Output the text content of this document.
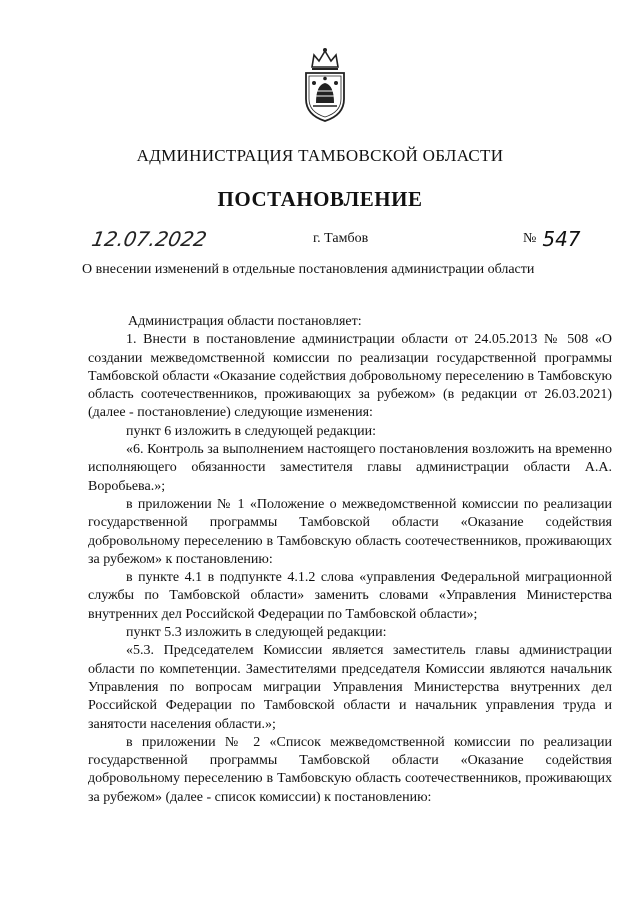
АДМИНИСТРАЦИЯ ТАМБОВСКОЙ ОБЛАСТИ
ПОСТАНОВЛЕНИЕ
12.07.2022	г. Тамбов	№ 547
О внесении изменений в отдельные постановления администрации области

Администрация области постановляет:

1. Внести в постановление администрации области от 24.05.2013 № 508 «О создании межведомственной комиссии по реализации государственной программы Тамбовской области «Оказание содействия добровольному переселению в Тамбовскую область соотечественников, проживающих за рубежом» (в редакции от 26.03.2021) (далее - постановление) следующие изменения:

пункт 6 изложить в следующей редакции:

«6. Контроль за выполнением настоящего постановления возложить на временно исполняющего обязанности заместителя главы администрации области А.А. Воробьева.»;

в приложении № 1 «Положение о межведомственной комиссии по реализации государственной программы Тамбовской области «Оказание содействия добровольному переселению в Тамбовскую область соотечественников, проживающих за рубежом» к постановлению:

в пункте 4.1 в подпункте 4.1.2 слова «управления Федеральной миграционной службы по Тамбовской области» заменить словами «Управления Министерства внутренних дел Российской Федерации по Тамбовской области»;

пункт 5.3 изложить в следующей редакции:

«5.3. Председателем Комиссии является заместитель главы администрации области по компетенции. Заместителями председателя Комиссии являются начальник Управления по вопросам миграции Управления Министерства внутренних дел Российской Федерации по Тамбовской области и начальник управления труда и занятости населения области.»;

в приложении № 2 «Список межведомственной комиссии по реализации государственной программы Тамбовской области «Оказание содействия добровольному переселению в Тамбовскую область соотечественников, проживающих за рубежом» (далее - список комиссии) к постановлению:
